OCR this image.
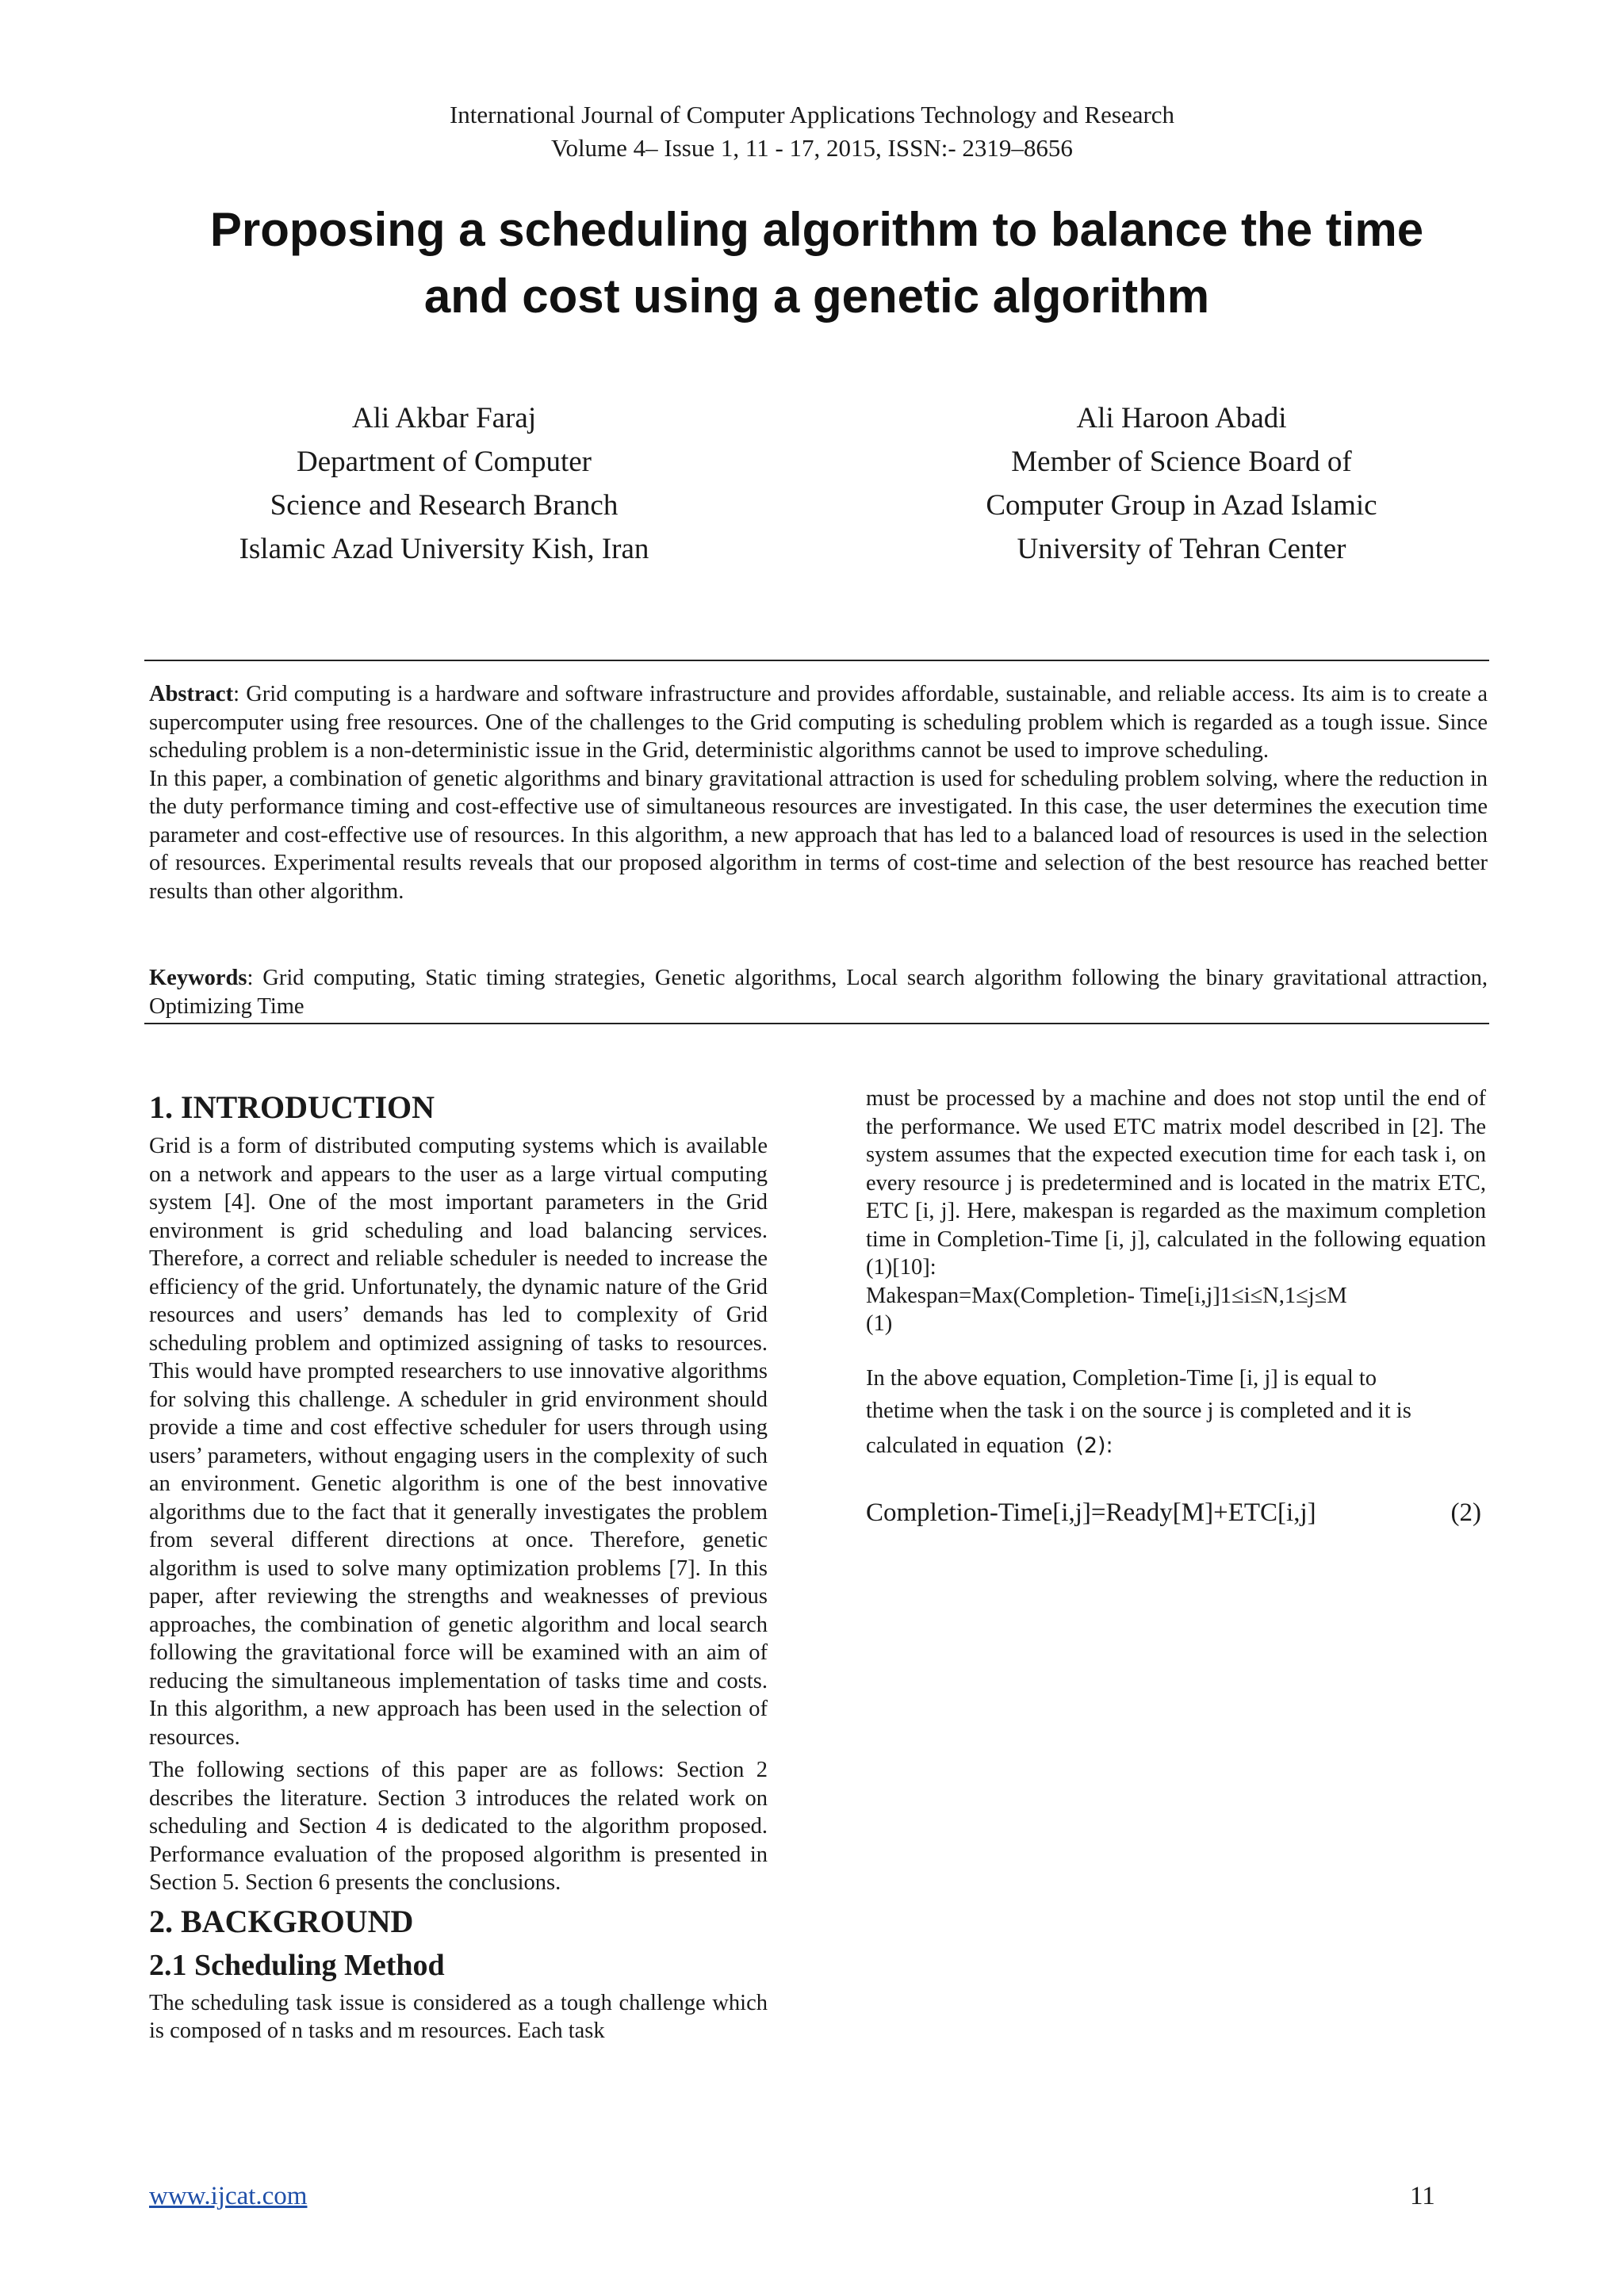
International Journal of Computer Applications Technology and Research
Volume 4– Issue 1, 11 - 17, 2015, ISSN:- 2319–8656
Proposing a scheduling algorithm to balance the time
and cost using a genetic algorithm
Ali Akbar Faraj
Department of Computer
Science and Research Branch
Islamic Azad University Kish, Iran
Ali Haroon Abadi
Member of Science Board of
Computer Group in Azad Islamic
University of Tehran Center

Abstract: Grid computing is a hardware and software infrastructure and provides affordable, sustainable, and reliable access. Its aim is to create a supercomputer using free resources. One of the challenges to the Grid computing is scheduling problem which is regarded as a tough issue. Since scheduling problem is a non-deterministic issue in the Grid, deterministic algorithms cannot be used to improve scheduling.

In this paper, a combination of genetic algorithms and binary gravitational attraction is used for scheduling problem solving, where the reduction in the duty performance timing and cost-effective use of simultaneous resources are investigated. In this case, the user determines the execution time parameter and cost-effective use of resources. In this algorithm, a new approach that has led to a balanced load of resources is used in the selection of resources. Experimental results reveals that our proposed algorithm in terms of cost-time and selection of the best resource has reached better results than other algorithm.

Keywords: Grid computing, Static timing strategies, Genetic algorithms, Local search algorithm following the binary gravitational attraction, Optimizing Time
1. INTRODUCTION

Grid is a form of distributed computing systems which is available on a network and appears to the user as a large virtual computing system [4]. One of the most important parameters in the Grid environment is grid scheduling and load balancing services. Therefore, a correct and reliable scheduler is needed to increase the efficiency of the grid. Unfortunately, the dynamic nature of the Grid resources and users’ demands has led to complexity of Grid scheduling problem and optimized assigning of tasks to resources. This would have prompted researchers to use innovative algorithms for solving this challenge. A scheduler in grid environment should provide a time and cost effective scheduler for users through using users’ parameters, without engaging users in the complexity of such an environment. Genetic algorithm is one of the best innovative algorithms due to the fact that it generally investigates the problem from several different directions at once. Therefore, genetic algorithm is used to solve many optimization problems [7]. In this paper, after reviewing the strengths and weaknesses of previous approaches, the combination of genetic algorithm and local search following the gravitational force will be examined with an aim of reducing the simultaneous implementation of tasks time and costs. In this algorithm, a new approach has been used in the selection of resources.

The following sections of this paper are as follows: Section 2 describes the literature. Section 3 introduces the related work on scheduling and Section 4 is dedicated to the algorithm proposed. Performance evaluation of the proposed algorithm is presented in Section 5. Section 6 presents the conclusions.

2. BACKGROUND
2.1 Scheduling Method

The scheduling task issue is considered as a tough challenge which is composed of n tasks and m resources. Each task

must be processed by a machine and does not stop until the end of the performance. We used ETC matrix model described in [2]. The system assumes that the expected execution time for each task i, on every resource j is predetermined and is located in the matrix ETC, ETC [i, j]. Here, makespan is regarded as the maximum completion time in Completion-Time [i, j], calculated in the following equation (1)[10]:

Makespan=Max(Completion- Time[i,j]1≤i≤N,1≤j≤M

(1)

In the above equation, Completion-Time [i, j] is equal to

thetime when the task i on the source j is completed and it is

calculated in equation (2):

Completion-Time[i,j]=Ready[M]+ETC[i,j]	(2)
www.ijcat.com	11
